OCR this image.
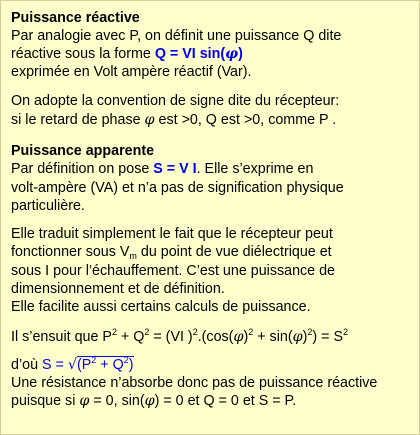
Puissance réactive
Par analogie avec P, on définit une puissance Q dite
réactive sous la forme Q = VI sin(φ)
exprimée en Volt ampère réactif (Var).
On adopte la convention de signe dite du récepteur:
si le retard de phase φ est >0, Q est >0, comme P .
Puissance apparente
Par définition on pose S = V I. Elle s’exprime en
volt-ampère (VA) et n’a pas de signification physique
particulière.
Elle traduit simplement le fait que le récepteur peut
fonctionner sous $V_m$ du point de vue diélectrique et
sous I pour l’échauffement. C’est une puissance de
dimensionnement et de définition.
Elle facilite aussi certains calculs de puissance.
Il s’ensuit que $P^2 + Q^2 = (VI$ )$^2.(\cos(\varphi)^2 + \sin(\varphi)^2) = S^2$
d’où $S = √(P^2 + Q^2)$
Une résistance n’absorbe donc pas de puissance réactive
puisque si φ = 0, sin(φ) = 0 et Q = 0 et S = P.
